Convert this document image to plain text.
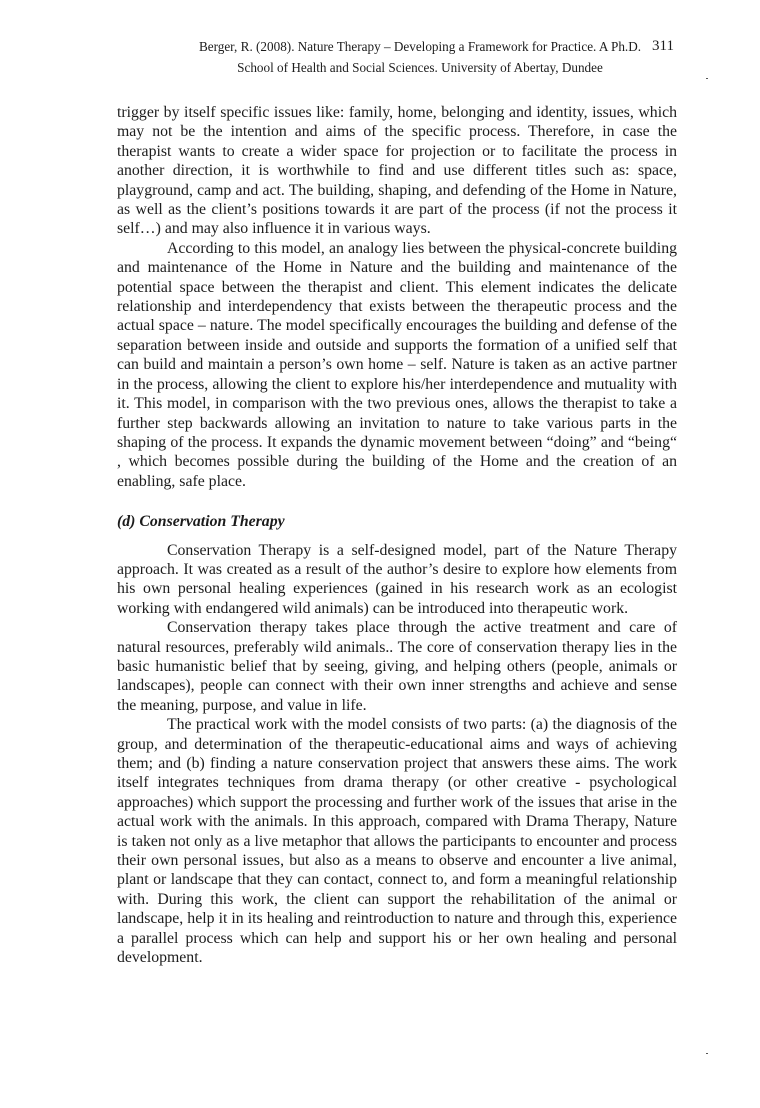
Berger, R. (2008). Nature Therapy – Developing a Framework for Practice. A Ph.D.
School of Health and Social Sciences. University of Abertay, Dundee
311

trigger by itself specific issues like: family, home, belonging and identity, issues, which may not be the intention and aims of the specific process. Therefore, in case the therapist wants to create a wider space for projection or to facilitate the process in another direction, it is worthwhile to find and use different titles such as: space, playground, camp and act. The building, shaping, and defending of the Home in Nature, as well as the client’s positions towards it are part of the process (if not the process it self…) and may also influence it in various ways.

According to this model, an analogy lies between the physical-concrete building and maintenance of the Home in Nature and the building and maintenance of the potential space between the therapist and client. This element indicates the delicate relationship and interdependency that exists between the therapeutic process and the actual space – nature. The model specifically encourages the building and defense of the separation between inside and outside and supports the formation of a unified self that can build and maintain a person’s own home – self. Nature is taken as an active partner in the process, allowing the client to explore his/her interdependence and mutuality with it. This model, in comparison with the two previous ones, allows the therapist to take a further step backwards allowing an invitation to nature to take various parts in the shaping of the process. It expands the dynamic movement between “doing” and “being“ , which becomes possible during the building of the Home and the creation of an enabling, safe place.

(d) Conservation Therapy

Conservation Therapy is a self-designed model, part of the Nature Therapy approach. It was created as a result of the author’s desire to explore how elements from his own personal healing experiences (gained in his research work as an ecologist working with endangered wild animals) can be introduced into therapeutic work.

Conservation therapy takes place through the active treatment and care of natural resources, preferably wild animals.. The core of conservation therapy lies in the basic humanistic belief that by seeing, giving, and helping others (people, animals or landscapes), people can connect with their own inner strengths and achieve and sense the meaning, purpose, and value in life.

The practical work with the model consists of two parts: (a) the diagnosis of the group, and determination of the therapeutic-educational aims and ways of achieving them; and (b) finding a nature conservation project that answers these aims. The work itself integrates techniques from drama therapy (or other creative - psychological approaches) which support the processing and further work of the issues that arise in the actual work with the animals. In this approach, compared with Drama Therapy, Nature is taken not only as a live metaphor that allows the participants to encounter and process their own personal issues, but also as a means to observe and encounter a live animal, plant or landscape that they can contact, connect to, and form a meaningful relationship with. During this work, the client can support the rehabilitation of the animal or landscape, help it in its healing and reintroduction to nature and through this, experience a parallel process which can help and support his or her own healing and personal development.
